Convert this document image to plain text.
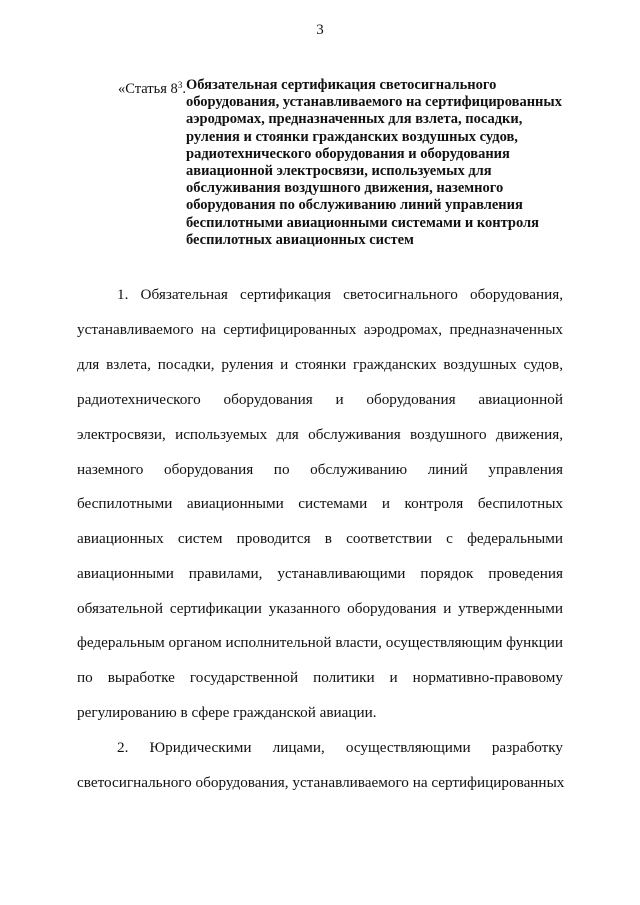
3
«Статья $8^3$. Обязательная сертификация светосигнального оборудования, устанавливаемого на сертифицированных аэродромах, предназначенных для взлета, посадки, руления и стоянки гражданских воздушных судов, радиотехнического оборудования и оборудования авиационной электросвязи, используемых для обслуживания воздушного движения, наземного оборудования по обслуживанию линий управления беспилотными авиационными системами и контроля беспилотных авиационных систем
1. Обязательная сертификация светосигнального оборудования,
устанавливаемого на сертифицированных аэродромах, предназначенных
для взлета, посадки, руления и стоянки гражданских воздушных судов,
радиотехнического оборудования и оборудования авиационной
электросвязи, используемых для обслуживания воздушного движения,
наземного оборудования по обслуживанию линий управления
беспилотными авиационными системами и контроля беспилотных
авиационных систем проводится в соответствии с федеральными
авиационными правилами, устанавливающими порядок проведения
обязательной сертификации указанного оборудования и утвержденными
федеральным органом исполнительной власти, осуществляющим функции
по выработке государственной политики и нормативно-правовому
регулированию в сфере гражданской авиации.
2. Юридическими лицами, осуществляющими разработку
светосигнального оборудования, устанавливаемого на сертифицированных
